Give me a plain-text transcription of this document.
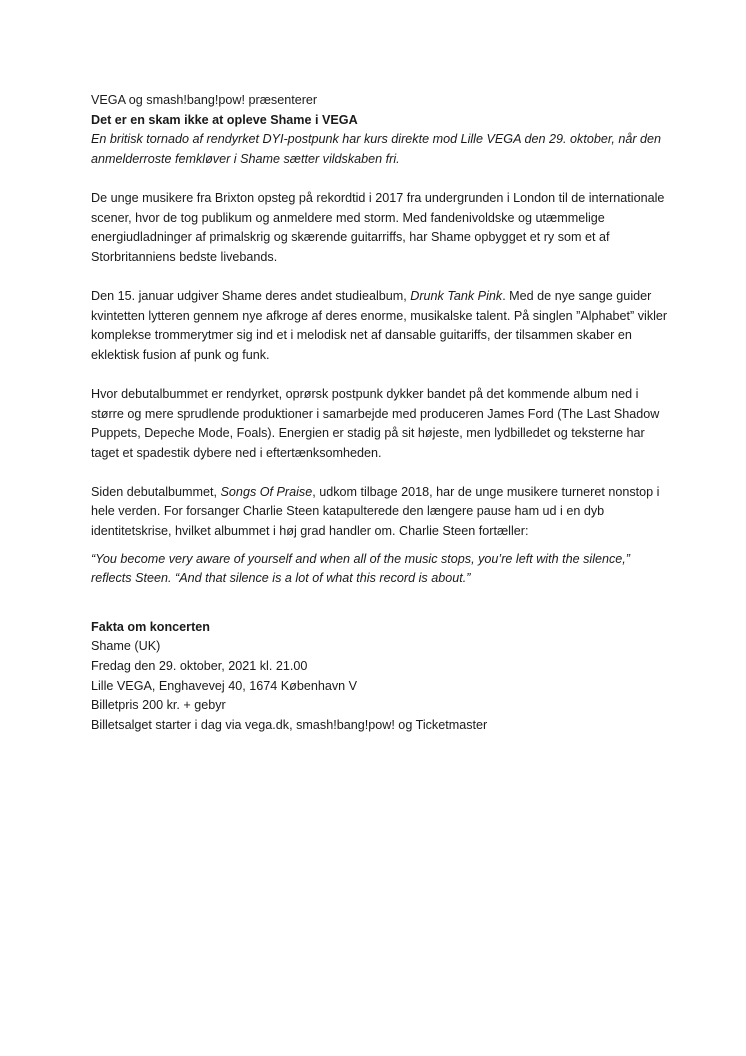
VEGA og smash!bang!pow! præsenterer

Det er en skam ikke at opleve Shame i VEGA

En britisk tornado af rendyrket DYI-postpunk har kurs direkte mod Lille VEGA den 29. oktober, når den anmelderroste femkløver i Shame sætter vildskaben fri.

De unge musikere fra Brixton opsteg på rekordtid i 2017 fra undergrunden i London til de internationale scener, hvor de tog publikum og anmeldere med storm. Med fandenivoldske og utæmmelige energiudladninger af primalskrig og skærende guitarriffs, har Shame opbygget et ry som et af Storbritanniens bedste livebands.

Den 15. januar udgiver Shame deres andet studiealbum, Drunk Tank Pink. Med de nye sange guider kvintetten lytteren gennem nye afkroge af deres enorme, musikalske talent. På singlen ”Alphabet” vikler komplekse trommerytmer sig ind et i melodisk net af dansable guitariffs, der tilsammen skaber en eklektisk fusion af punk og funk.

Hvor debutalbummet er rendyrket, oprørsk postpunk dykker bandet på det kommende album ned i større og mere sprudlende produktioner i samarbejde med produceren James Ford (The Last Shadow Puppets, Depeche Mode, Foals). Energien er stadig på sit højeste, men lydbilledet og teksterne har taget et spadestik dybere ned i eftertænksomheden.

Siden debutalbummet, Songs Of Praise, udkom tilbage 2018, har de unge musikere turneret nonstop i hele verden. For forsanger Charlie Steen katapulterede den længere pause ham ud i en dyb identitetskrise, hvilket albummet i høj grad handler om. Charlie Steen fortæller:

“You become very aware of yourself and when all of the music stops, you’re left with the silence,” reflects Steen. “And that silence is a lot of what this record is about.”

Fakta om koncerten

Shame (UK)

Fredag den 29. oktober, 2021 kl. 21.00

Lille VEGA, Enghavevej 40, 1674 København V

Billetpris 200 kr. + gebyr

Billetsalget starter i dag via vega.dk, smash!bang!pow! og Ticketmaster
